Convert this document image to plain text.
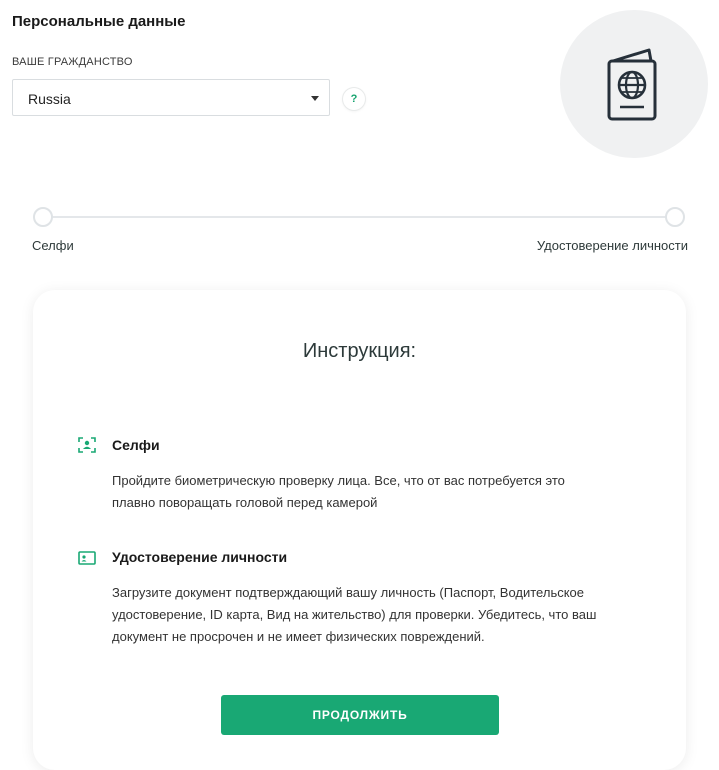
Персональные данные
ВАШЕ ГРАЖДАНСТВО
Russia	?
Селфи	Удостоверение личности
Инструкция:
Селфи
Пройдите биометрическую проверку лица. Все, что от вас потребуется это
плавно поворащать головой перед камерой
Удостоверение личности
Загрузите документ подтверждающий вашу личность (Паспорт, Водительское
удостоверение, ID карта, Вид на жительство) для проверки. Убедитесь, что ваш
документ не просрочен и не имеет физических повреждений.
ПРОДОЛЖИТЬ
